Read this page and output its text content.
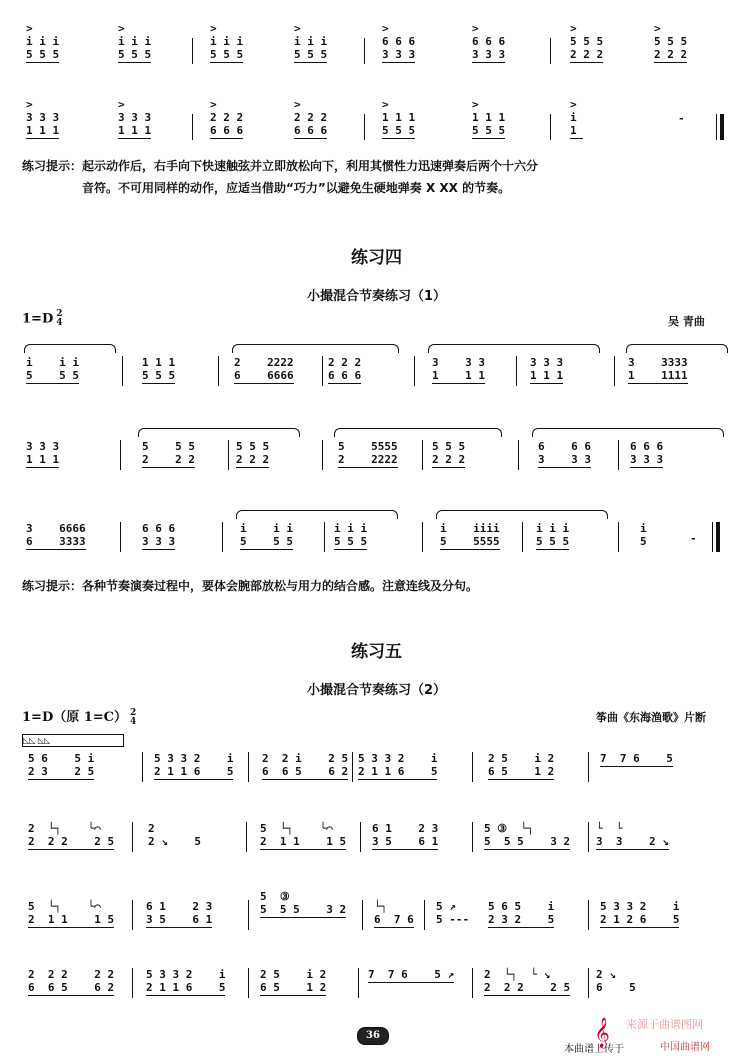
>
i i i
5 5 5
>
i i i
5 5 5
>
i i i
5 5 5
>
i i i
5 5 5
>
6 6 6
3 3 3
>
6 6 6
3 3 3
>
5 5 5
2 2 2
>
5 5 5
2 2 2
>
3 3 3
1 1 1
>
3 3 3
1 1 1
>
2 2 2
6 6 6
>
2 2 2
6 6 6
>
1 1 1
5 5 5
>
1 1 1
5 5 5
>
i
1
-
练习提示：起示动作后，右手向下快速触弦并立即放松向下，利用其惯性力迅速弹奏后两个十六分
音符。不可用同样的动作，应适当借助“巧力”以避免生硬地弹奏 X XX 的节奏。
练习四
小撮混合节奏练习（1）
1=D 2
4	吴 青曲
i    i i
5    5 5
1 1 1
5 5 5
2    2222
6    6666
2 2 2
6 6 6
3    3 3
1    1 1
3 3 3
1 1 1
3    3333
1    1111
3 3 3
1 1 1
5    5 5
2    2 2
5 5 5
2 2 2
5    5555
2    2222
5 5 5
2 2 2
6    6 6
3    3 3
6 6 6
3 3 3
3    6666
6    3333
6 6 6
3 3 3
i    i i
5    5 5
i i i
5 5 5
i    iiii
5    5555
i i i
5 5 5
i
5	-
练习提示：各种节奏演奏过程中，要体会腕部放松与用力的结合感。注意连线及分句。
练习五
小撮混合节奏练习（2）
1=D（原 1=C） 2
4	筝曲《东海渔歌》片断
◺◺ ◺◺
5 6    5 i
2 3    2 5
5 3 3 2    i
2 1 1 6    5
2  2 i    2 5
6  6 5    6 2
5 3 3 2    i
2 1 1 6    5
2 5    i 2
6 5    1 2
7  7 6    5
2  └┐    └⌒
2  2 2    2 5
2
2 ↘    5
5  └┐    └⌒
2  1 1    1 5
6 1    2 3
3 5    6 1
5 ③  └┐
5  5 5    3 2
└  └
3  3    2 ↘
5  └┐    └⌒
2  1 1    1 5
6 1    2 3
3 5    6 1
5  ③
5  5 5    3 2	└┐
6  7 6
5 ↗
5 ---
5 6 5    i
2 3 2    5
5 3 3 2    i
2 1 2 6    5
2  2 2    2 2
6  6 5    6 2
5 3 3 2    i
2 1 1 6    5
2 5    i 2
6 5    1 2
7  7 6    5 ↗	2  └┐  └ ↘
2  2 2    2 5
2 ↘
6    5
36
本曲谱上传于
𝄞	来源于曲谱图网
中国曲谱网
